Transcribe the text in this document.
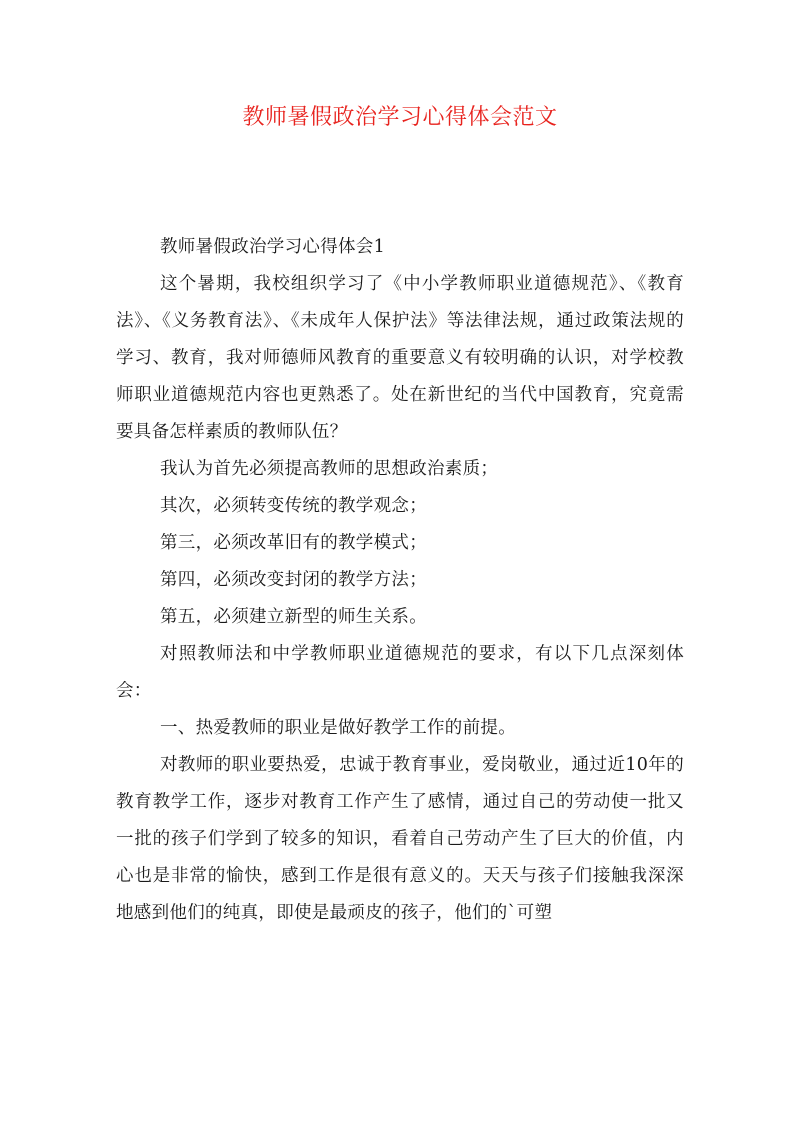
教师暑假政治学习心得体会范文

教师暑假政治学习心得体会1

这个暑期，我校组织学习了《中小学教师职业道德规范》、《教育法》、《义务教育法》、《未成年人保护法》等法律法规，通过政策法规的学习、教育，我对师德师风教育的重要意义有较明确的认识，对学校教师职业道德规范内容也更熟悉了。处在新世纪的当代中国教育，究竟需要具备怎样素质的教师队伍？

我认为首先必须提高教师的思想政治素质；

其次，必须转变传统的教学观念；

第三，必须改革旧有的教学模式；

第四，必须改变封闭的教学方法；

第五，必须建立新型的师生关系。

对照教师法和中学教师职业道德规范的要求，有以下几点深刻体会：

一、热爱教师的职业是做好教学工作的前提。

对教师的职业要热爱，忠诚于教育事业，爱岗敬业，通过近10年的教育教学工作，逐步对教育工作产生了感情，通过自己的劳动使一批又一批的孩子们学到了较多的知识，看着自己劳动产生了巨大的价值，内心也是非常的愉快，感到工作是很有意义的。天天与孩子们接触我深深地感到他们的纯真，即使是最顽皮的孩子，他们的`可塑
